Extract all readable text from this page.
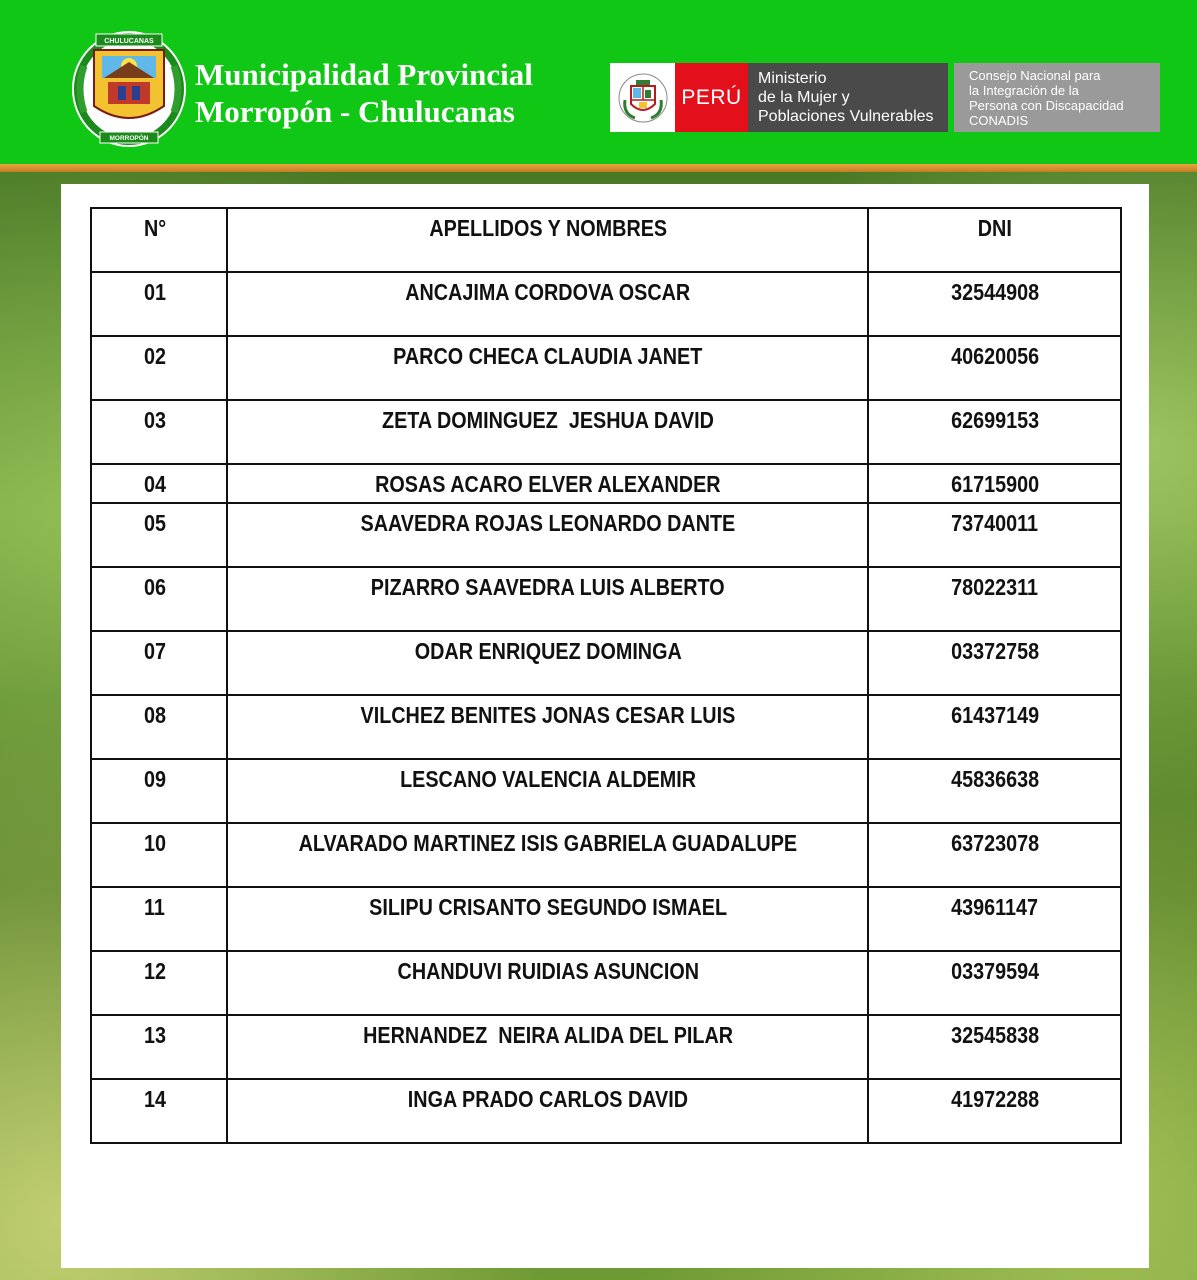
CHULUCANAS
MORROPÓN
Municipalidad Provincial
Morropón - Chulucanas	PERÚ
Ministerio
de la Mujer y
Poblaciones Vulnerables
Consejo Nacional para
la Integración de la
Persona con Discapacidad
CONADIS
N°	APELLIDOS Y NOMBRES	DNI
01	ANCAJIMA CORDOVA OSCAR	32544908
02	PARCO CHECA CLAUDIA JANET	40620056
03	ZETA DOMINGUEZ  JESHUA DAVID	62699153
04	ROSAS ACARO ELVER ALEXANDER	61715900
05	SAAVEDRA ROJAS LEONARDO DANTE	73740011
06	PIZARRO SAAVEDRA LUIS ALBERTO	78022311
07	ODAR ENRIQUEZ DOMINGA	03372758
08	VILCHEZ BENITES JONAS CESAR LUIS	61437149
09	LESCANO VALENCIA ALDEMIR	45836638
10	ALVARADO MARTINEZ ISIS GABRIELA GUADALUPE	63723078
11	SILIPU CRISANTO SEGUNDO ISMAEL	43961147
12	CHANDUVI RUIDIAS ASUNCION	03379594
13	HERNANDEZ  NEIRA ALIDA DEL PILAR	32545838
14	INGA PRADO CARLOS DAVID	41972288
